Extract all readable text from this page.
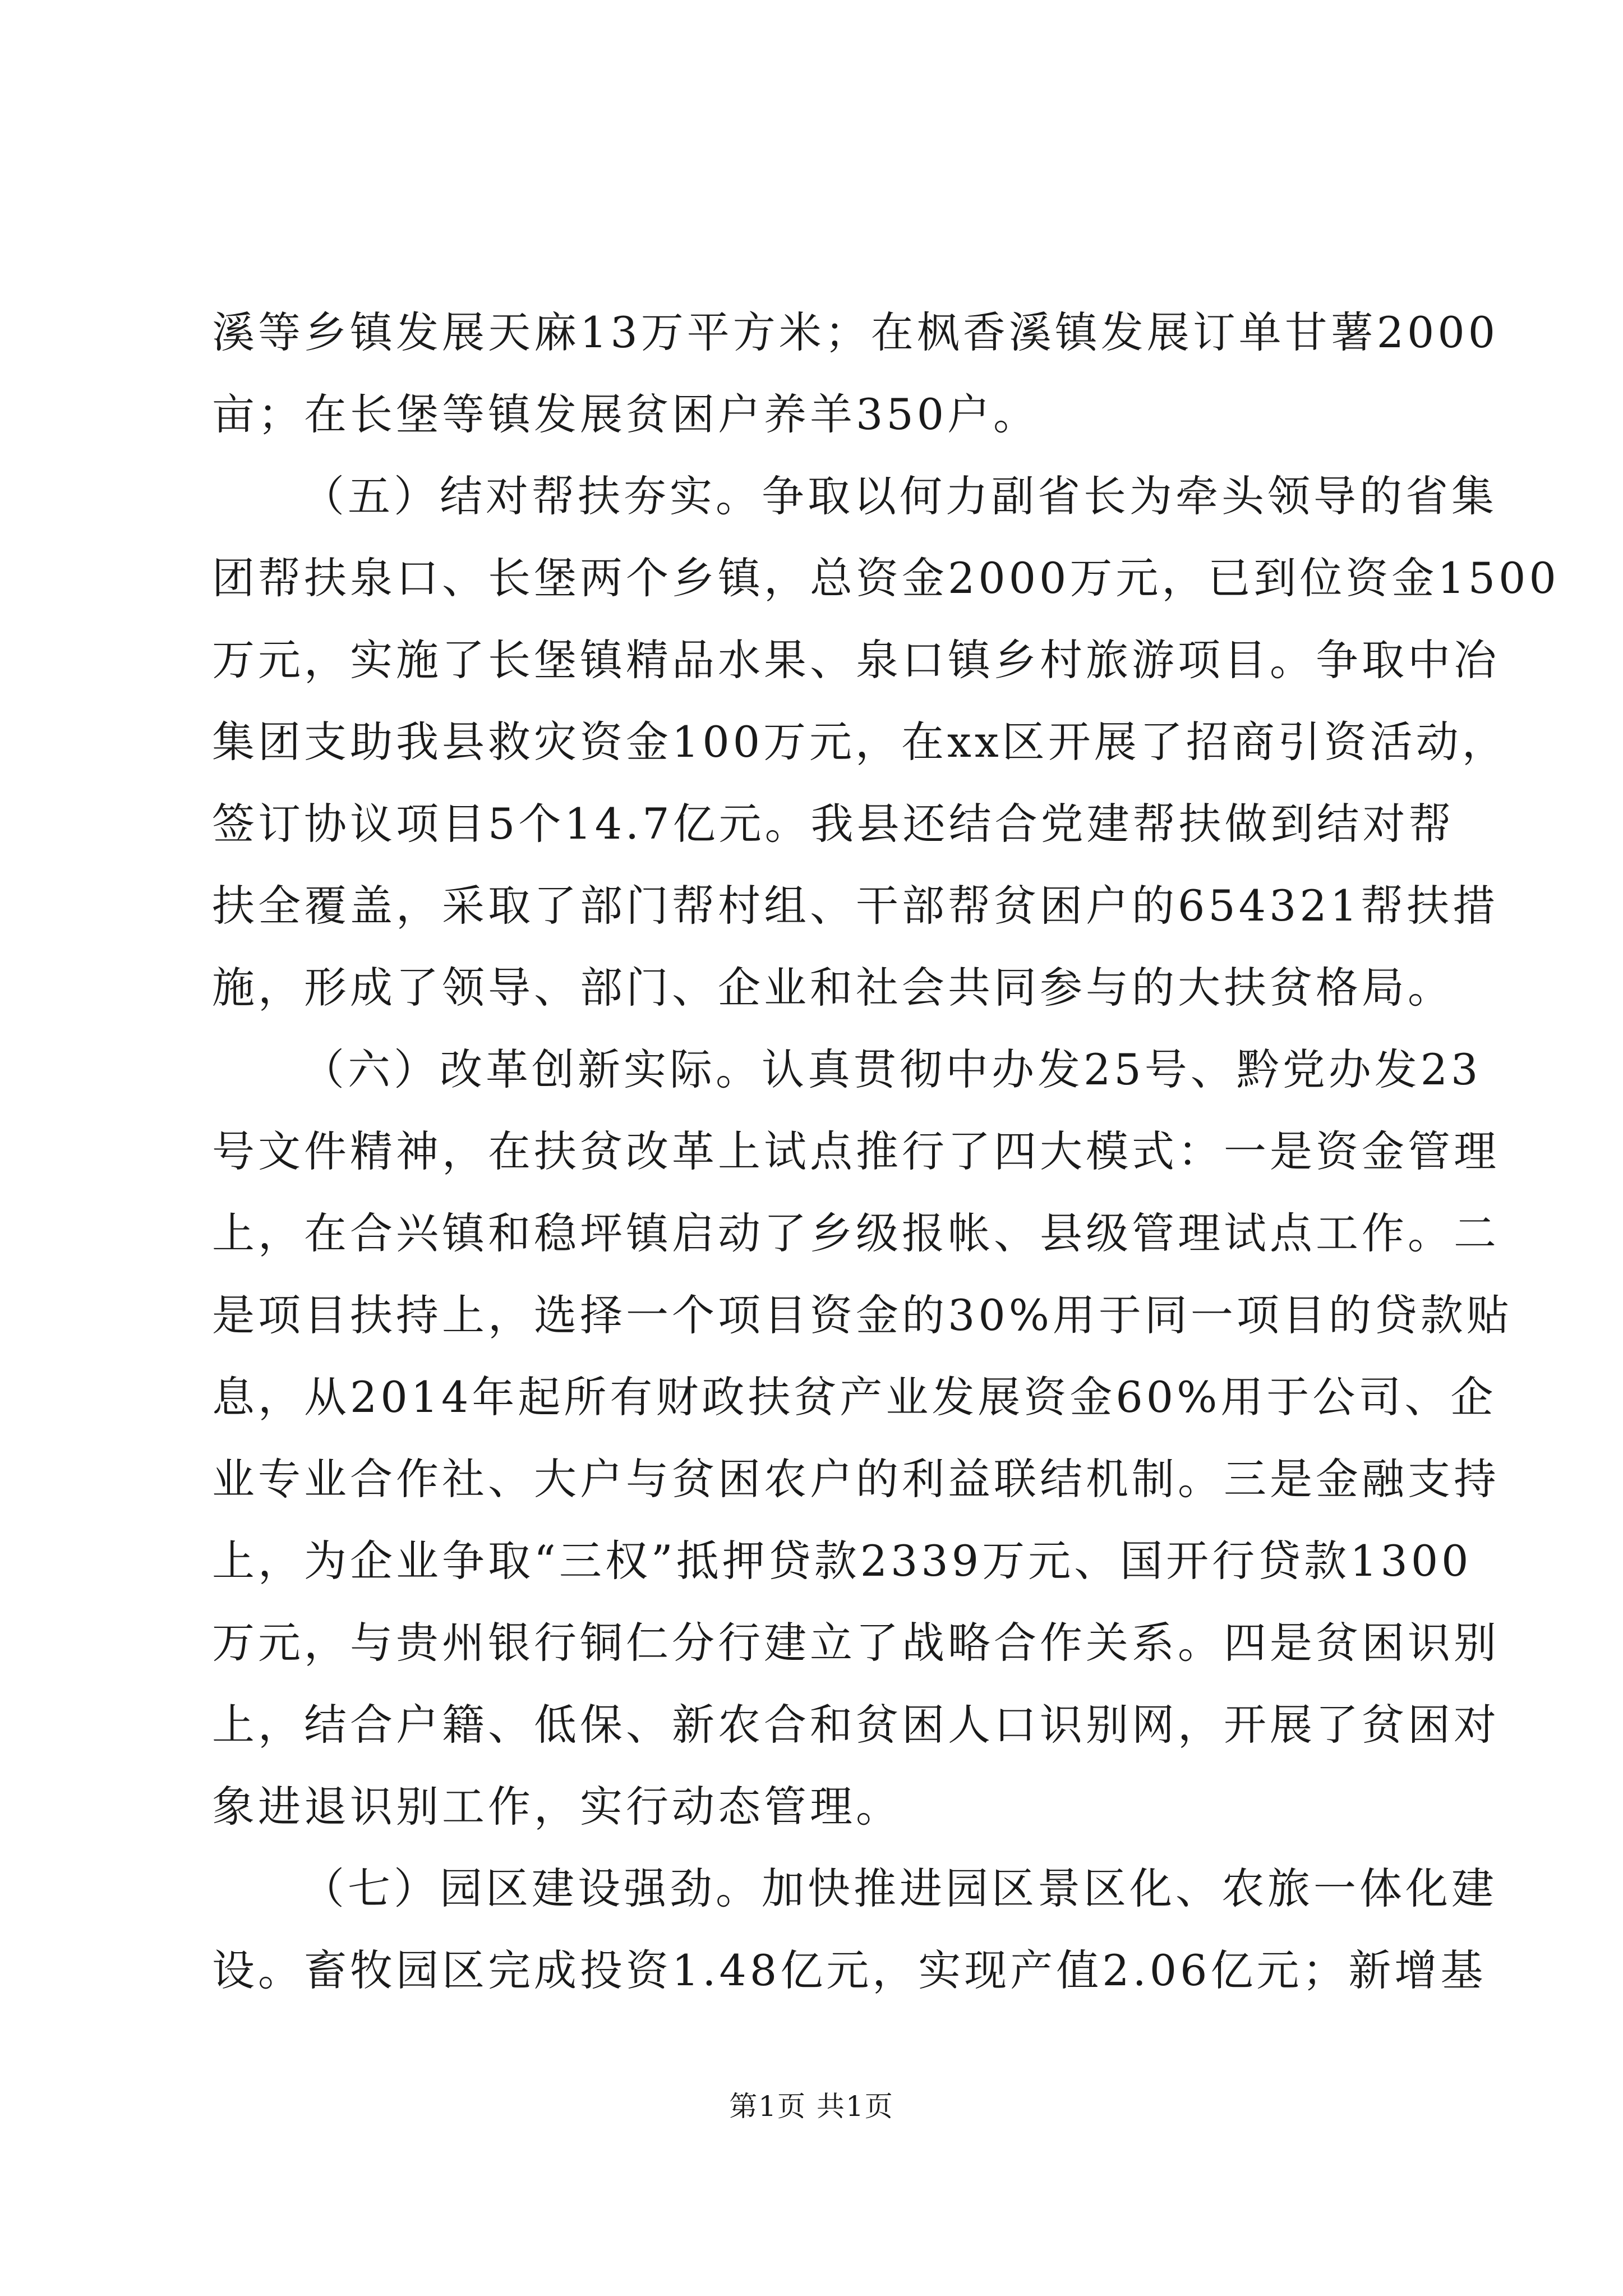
溪等乡镇发展天麻13万平方米；在枫香溪镇发展订单甘薯2000
亩；在长堡等镇发展贫困户养羊350户。
（五）结对帮扶夯实。争取以何力副省长为牵头领导的省集
团帮扶泉口、长堡两个乡镇，总资金2000万元，已到位资金1500
万元，实施了长堡镇精品水果、泉口镇乡村旅游项目。争取中冶
集团支助我县救灾资金100万元，在xx区开展了招商引资活动，
签订协议项目5个14.7亿元。我县还结合党建帮扶做到结对帮
扶全覆盖，采取了部门帮村组、干部帮贫困户的654321帮扶措
施，形成了领导、部门、企业和社会共同参与的大扶贫格局。
（六）改革创新实际。认真贯彻中办发25号、黔党办发23
号文件精神，在扶贫改革上试点推行了四大模式：一是资金管理
上，在合兴镇和稳坪镇启动了乡级报帐、县级管理试点工作。二
是项目扶持上，选择一个项目资金的30%用于同一项目的贷款贴
息，从2014年起所有财政扶贫产业发展资金60%用于公司、企
业专业合作社、大户与贫困农户的利益联结机制。三是金融支持
上，为企业争取“三权”抵押贷款2339万元、国开行贷款1300
万元，与贵州银行铜仁分行建立了战略合作关系。四是贫困识别
上，结合户籍、低保、新农合和贫困人口识别网，开展了贫困对
象进退识别工作，实行动态管理。
（七）园区建设强劲。加快推进园区景区化、农旅一体化建
设。畜牧园区完成投资1.48亿元，实现产值2.06亿元；新增基
第1页 共1页
